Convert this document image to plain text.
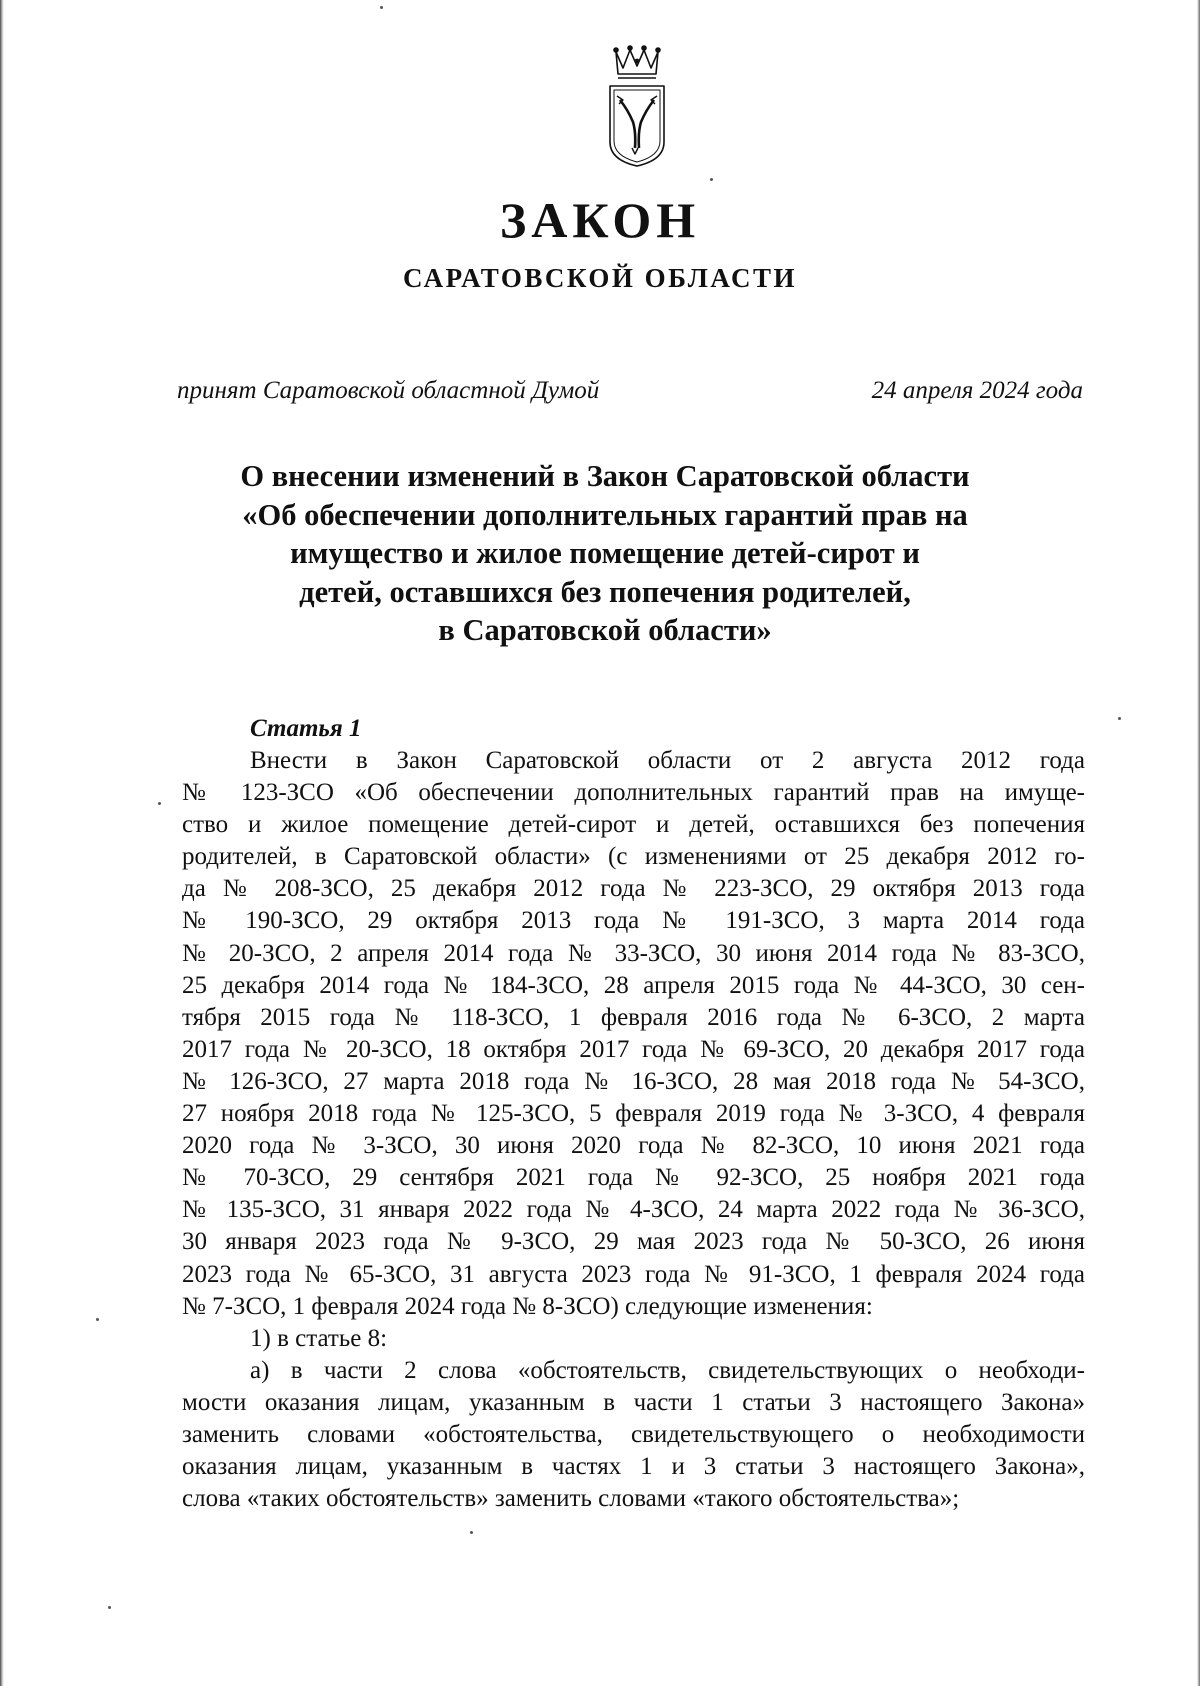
ЗАКОН
САРАТОВСКОЙ ОБЛАСТИ
принят Саратовской областной Думой	24 апреля 2024 года
О внесении изменений в Закон Саратовской области
«Об обеспечении дополнительных гарантий прав на
имущество и жилое помещение детей-сирот и
детей, оставшихся без попечения родителей,
в Саратовской области»
Статья 1
Внести в Закон Саратовской области от 2 августа 2012 года
№ 123-ЗСО «Об обеспечении дополнительных гарантий прав на имуще-
ство и жилое помещение детей-сирот и детей, оставшихся без попечения
родителей, в Саратовской области» (с изменениями от 25 декабря 2012 го-
да № 208-ЗСО, 25 декабря 2012 года № 223-ЗСО, 29 октября 2013 года
№ 190-ЗСО, 29 октября 2013 года № 191-ЗСО, 3 марта 2014 года
№ 20-ЗСО, 2 апреля 2014 года № 33-ЗСО, 30 июня 2014 года № 83-ЗСО,
25 декабря 2014 года № 184-ЗСО, 28 апреля 2015 года № 44-ЗСО, 30 сен-
тября 2015 года № 118-ЗСО, 1 февраля 2016 года № 6-ЗСО, 2 марта
2017 года № 20-ЗСО, 18 октября 2017 года № 69-ЗСО, 20 декабря 2017 года
№ 126-ЗСО, 27 марта 2018 года № 16-ЗСО, 28 мая 2018 года № 54-ЗСО,
27 ноября 2018 года № 125-ЗСО, 5 февраля 2019 года № 3-ЗСО, 4 февраля
2020 года № 3-ЗСО, 30 июня 2020 года № 82-ЗСО, 10 июня 2021 года
№ 70-ЗСО, 29 сентября 2021 года № 92-ЗСО, 25 ноября 2021 года
№ 135-ЗСО, 31 января 2022 года № 4-ЗСО, 24 марта 2022 года № 36-ЗСО,
30 января 2023 года № 9-ЗСО, 29 мая 2023 года № 50-ЗСО, 26 июня
2023 года № 65-ЗСО, 31 августа 2023 года № 91-ЗСО, 1 февраля 2024 года
№ 7-ЗСО, 1 февраля 2024 года № 8-ЗСО) следующие изменения:
1) в статье 8:
а) в части 2 слова «обстоятельств, свидетельствующих о необходи-
мости оказания лицам, указанным в части 1 статьи 3 настоящего Закона»
заменить словами «обстоятельства, свидетельствующего о необходимости
оказания лицам, указанным в частях 1 и 3 статьи 3 настоящего Закона»,
слова «таких обстоятельств» заменить словами «такого обстоятельства»;
